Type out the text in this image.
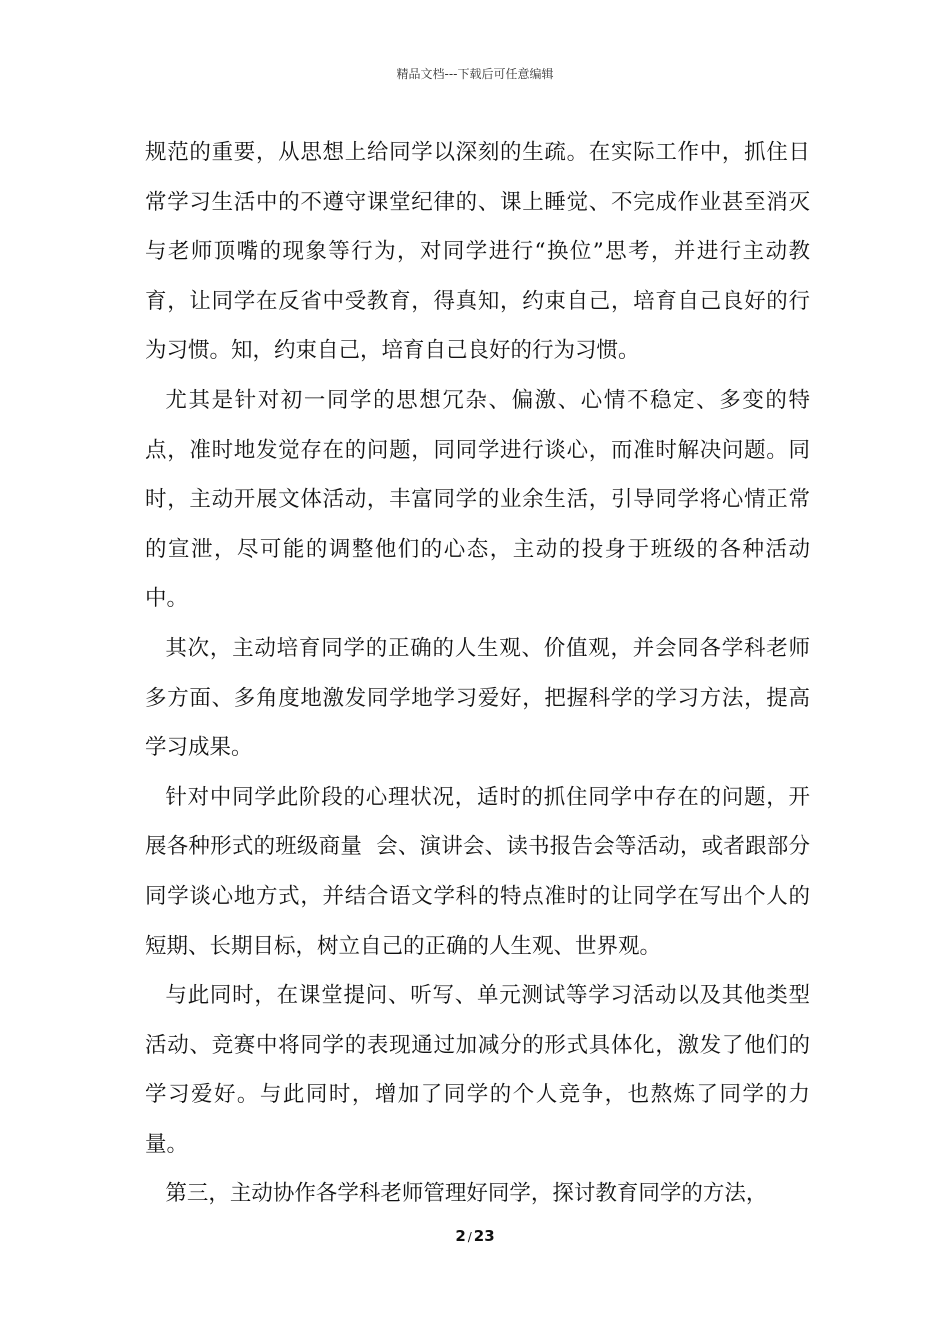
精品文档---下载后可任意编辑

规范的重要，从思想上给同学以深刻的生疏。在实际工作中，抓住日常学习生活中的不遵守课堂纪律的、课上睡觉、不完成作业甚至消灭与老师顶嘴的现象等行为，对同学进行“换位”思考，并进行主动教育，让同学在反省中受教育，得真知，约束自己，培育自己良好的行为习惯。知，约束自己，培育自己良好的行为习惯。

尤其是针对初一同学的思想冗杂、偏激、心情不稳定、多变的特点，准时地发觉存在的问题，同同学进行谈心，而准时解决问题。同时，主动开展文体活动，丰富同学的业余生活，引导同学将心情正常的宣泄，尽可能的调整他们的心态，主动的投身于班级的各种活动中。

其次，主动培育同学的正确的人生观、价值观，并会同各学科老师多方面、多角度地激发同学地学习爱好，把握科学的学习方法，提高学习成果。

针对中同学此阶段的心理状况，适时的抓住同学中存在的问题，开展各种形式的班级商量  会、演讲会、读书报告会等活动，或者跟部分同学谈心地方式，并结合语文学科的特点准时的让同学在写出个人的短期、长期目标，树立自己的正确的人生观、世界观。

与此同时，在课堂提问、听写、单元测试等学习活动以及其他类型活动、竞赛中将同学的表现通过加减分的形式具体化，激发了他们的学习爱好。与此同时，增加了同学的个人竞争，也熬炼了同学的力量。

第三，主动协作各学科老师管理好同学，探讨教育同学的方法，

2 / 23
